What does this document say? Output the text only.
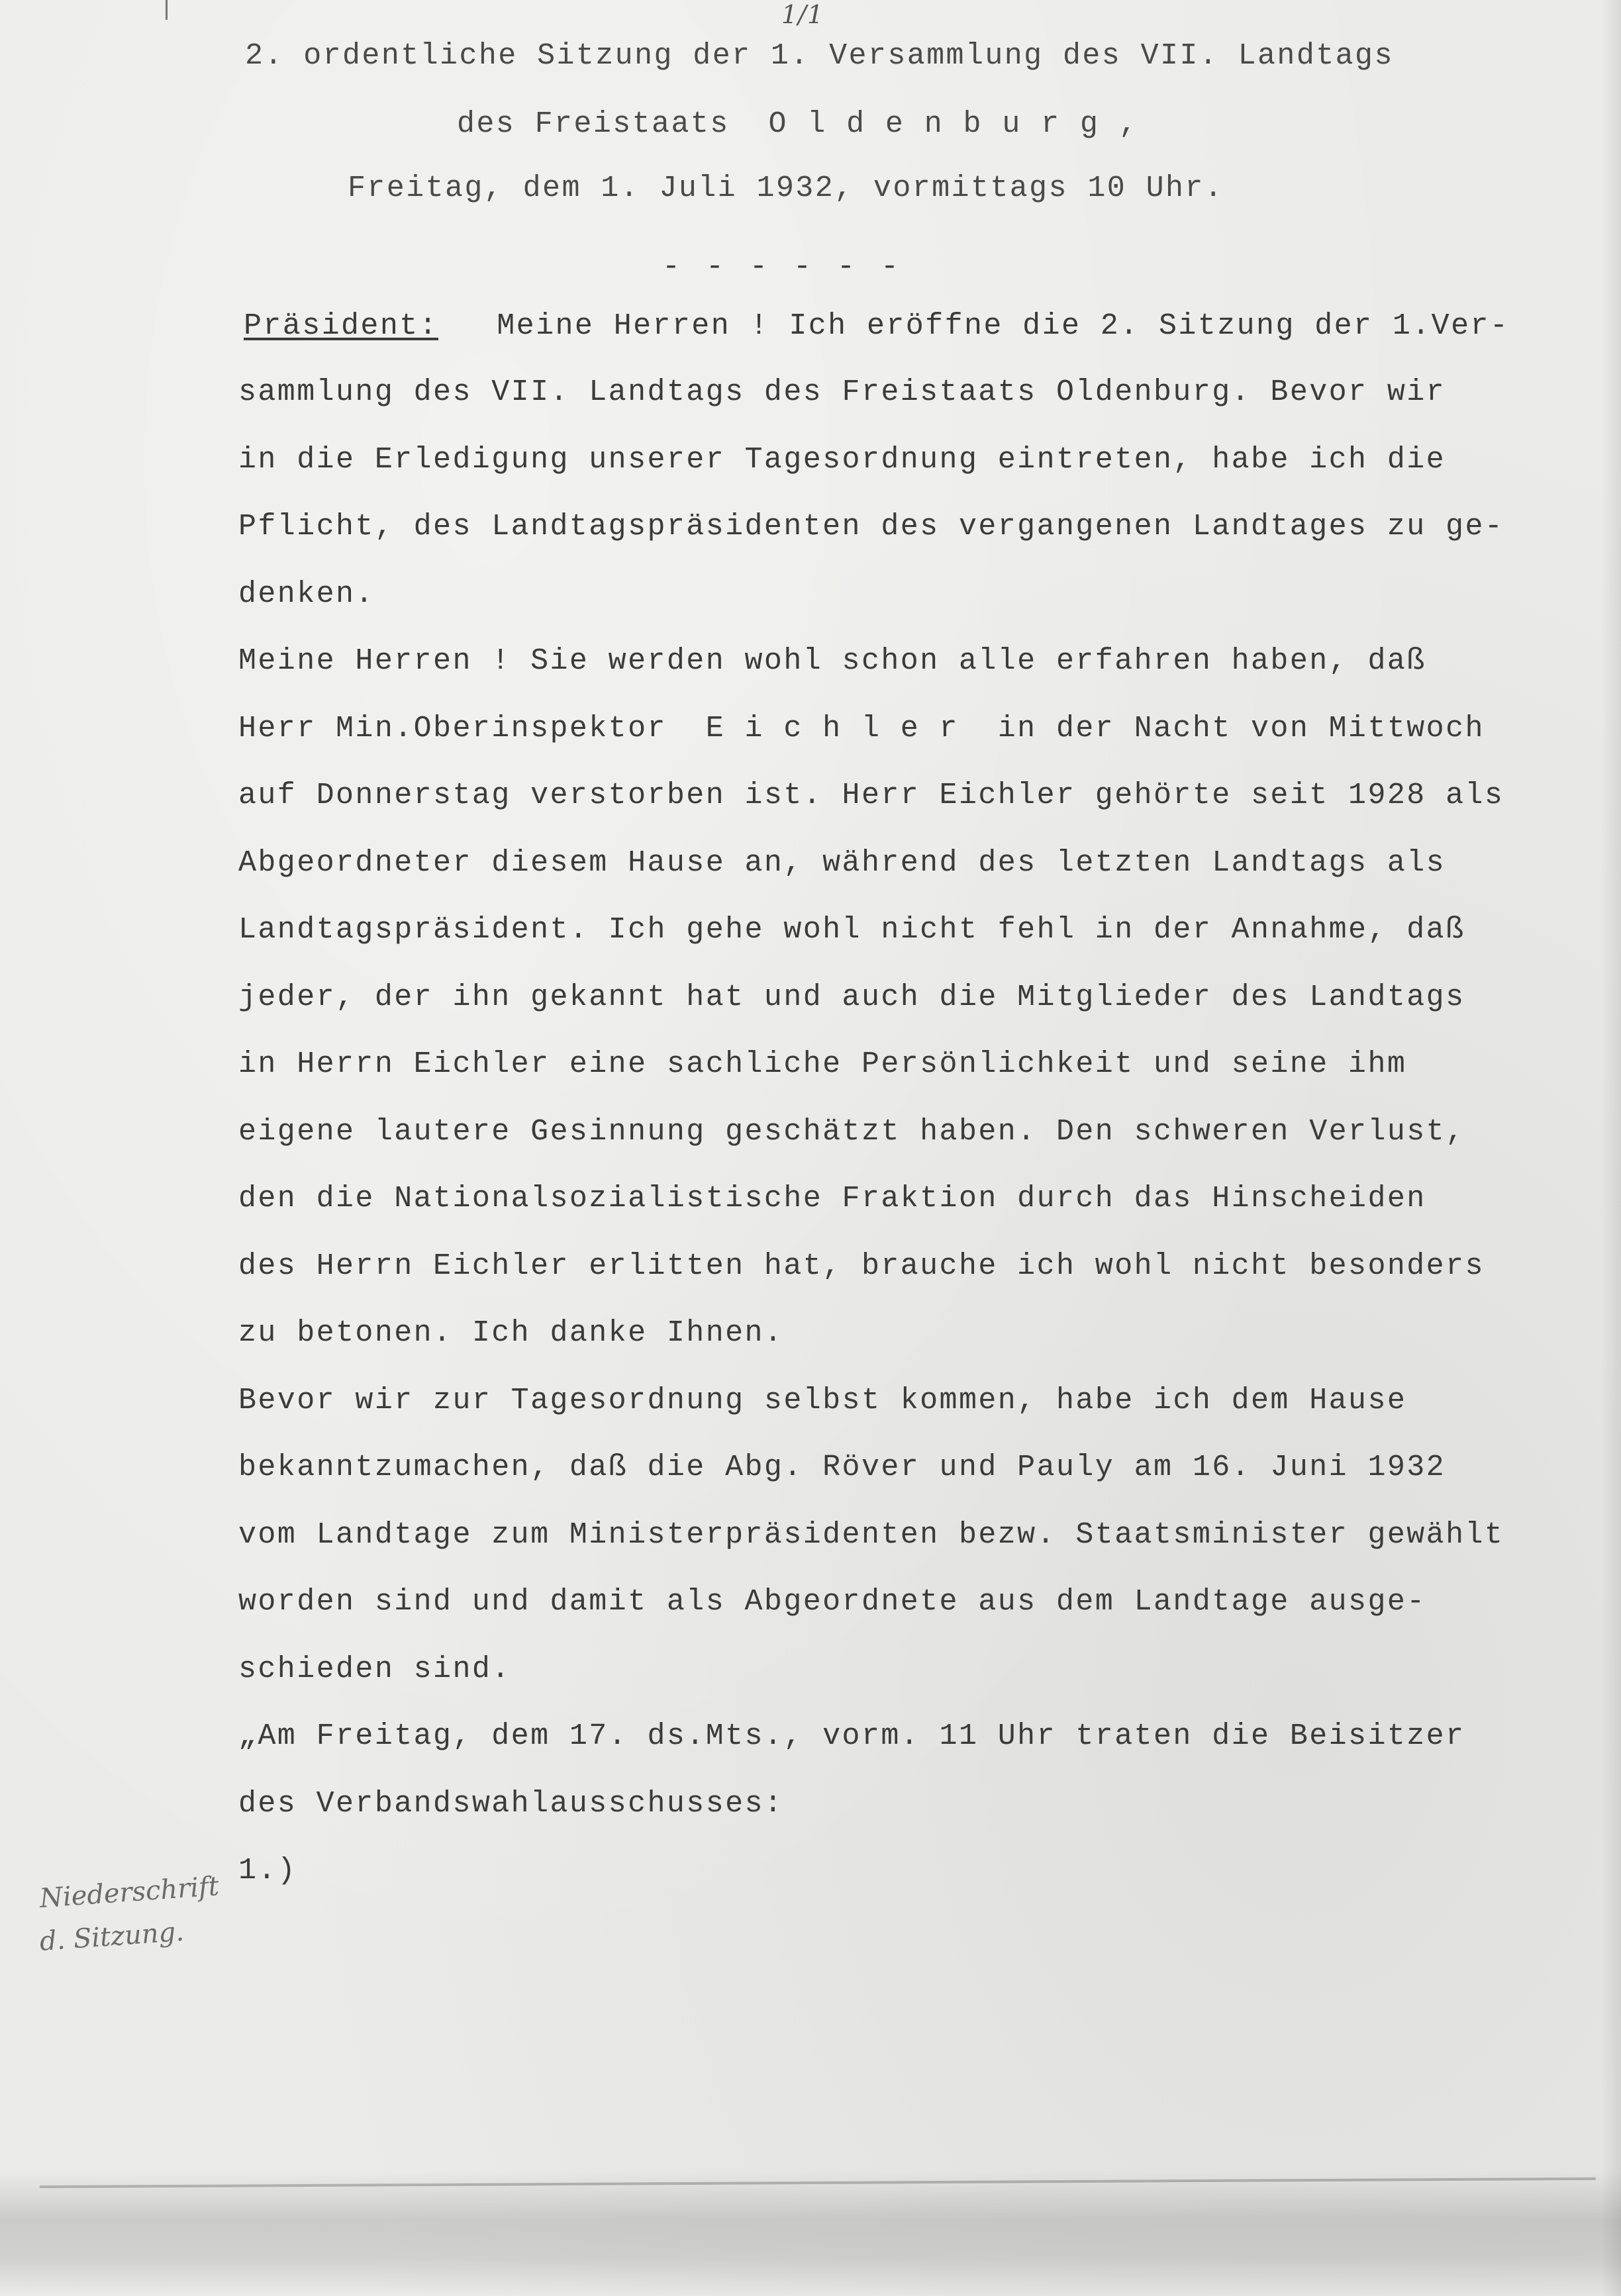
1/1
2. ordentliche Sitzung der 1. Versammlung des VII. Landtags
des Freistaats  O l d e n b u r g ,
Freitag, dem 1. Juli 1932, vormittags 10 Uhr.
- - - - - -
Präsident: Meine Herren ! Ich eröffne die 2. Sitzung der 1.Ver-
sammlung des VII. Landtags des Freistaats Oldenburg. Bevor wir
in die Erledigung unserer Tagesordnung eintreten, habe ich die
Pflicht, des Landtagspräsidenten des vergangenen Landtages zu ge-
denken.
Meine Herren ! Sie werden wohl schon alle erfahren haben, daß
Herr Min.Oberinspektor  E i c h l e r  in der Nacht von Mittwoch
auf Donnerstag verstorben ist. Herr Eichler gehörte seit 1928 als
Abgeordneter diesem Hause an, während des letzten Landtags als
Landtagspräsident. Ich gehe wohl nicht fehl in der Annahme, daß
jeder, der ihn gekannt hat und auch die Mitglieder des Landtags
in Herrn Eichler eine sachliche Persönlichkeit und seine ihm
eigene lautere Gesinnung geschätzt haben. Den schweren Verlust,
den die Nationalsozialistische Fraktion durch das Hinscheiden
des Herrn Eichler erlitten hat, brauche ich wohl nicht besonders
zu betonen. Ich danke Ihnen.
Bevor wir zur Tagesordnung selbst kommen, habe ich dem Hause
bekanntzumachen, daß die Abg. Röver und Pauly am 16. Juni 1932
vom Landtage zum Ministerpräsidenten bezw. Staatsminister gewählt
worden sind und damit als Abgeordnete aus dem Landtage ausge-
schieden sind.
„Am Freitag, dem 17. ds.Mts., vorm. 11 Uhr traten die Beisitzer
des Verbandswahlausschusses:
1.)
Niederschrift
d. Sitzung.
